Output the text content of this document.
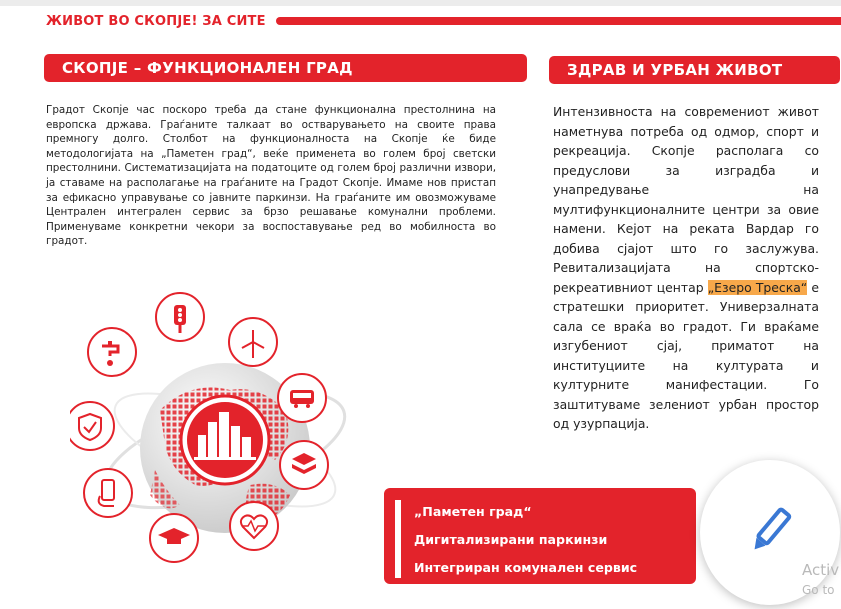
ЖИВОТ ВО СКОПЈЕ! ЗА СИТЕ
СКОПЈЕ – ФУНКЦИОНАЛЕН ГРАД	ЗДРАВ И УРБАН ЖИВОТ
Градот Скопје час поскоро треба да стане функционална престолнина на европска држава. Граѓаните талкаат во остварувањето на своите права премногу долго. Столбот на функционалноста на Скопје ќе биде методологијата на „Паметен град“, веќе применета во голем број светски престолнини. Систематизацијата на податоците од голем број различни извори, ја ставаме на располагање на граѓаните на Градот Скопје. Имаме нов пристап за ефикасно управување со јавните паркинзи. На граѓаните им овозможуваме Централен интегрален сервис за брзо решавање комунални проблеми. Применуваме конкретни чекори за воспоставување ред во мобилноста во градот.
Интензивноста на современиот живот наметнува потреба од одмор, спорт и рекреација. Скопје располага со предуслови за изградба и унапредување на мултифункционалните центри за овие намени. Кејот на реката Вардар го добива сјајот што го заслужува. Ревитализацијата на спортско-рекреативниот центар „Езеро Треска“ е стратешки приоритет. Универзалната сала се враќа во градот. Ги враќаме изгубениот сјај, приматот на институциите на културата и културните манифестации. Го заштитуваме зелениот урбан простор од узурпација.
„Паметен град“
Дигитализирани паркинзи
Интегриран комунален сервис	Activ
Go to
